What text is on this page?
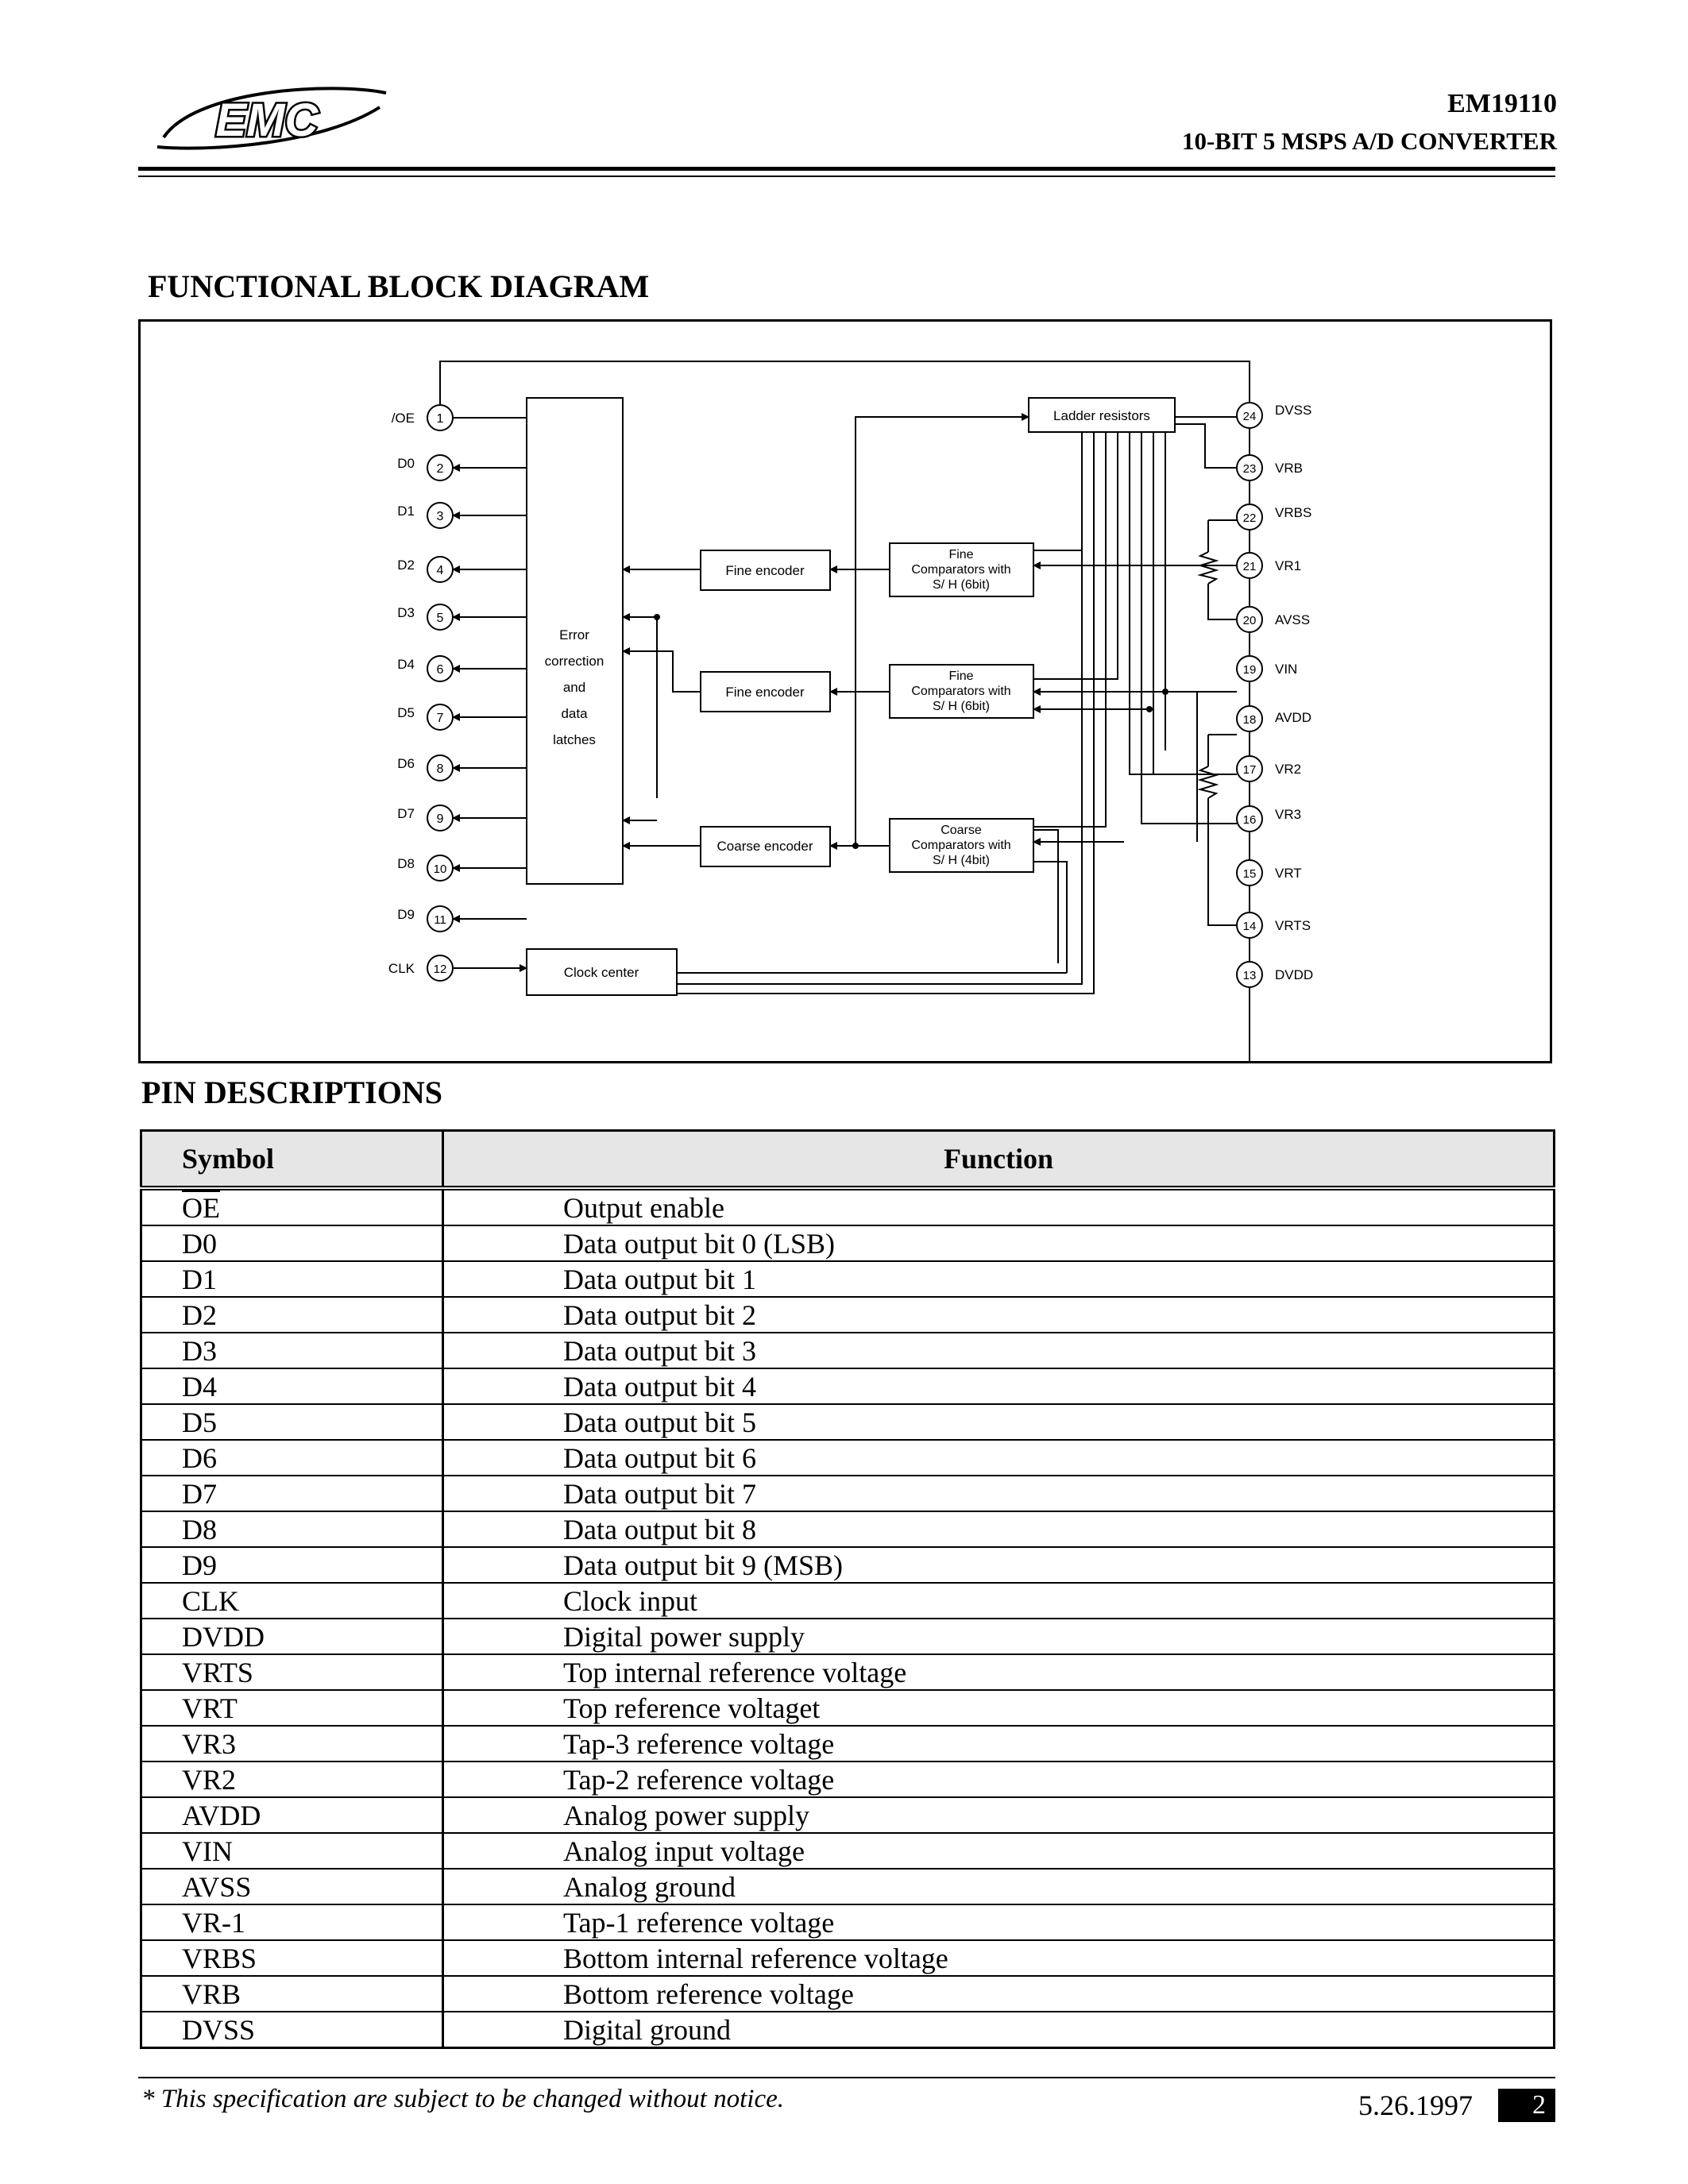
EMC	EM19110
10-BIT 5 MSPS A/D CONVERTER
FUNCTIONAL BLOCK DIAGRAM
Error
correction
and
data
latches
Clock center
Ladder resistors
Fine encoder
Fine encoder
Coarse encoder
Fine
Comparators with
S/ H (6bit)
Fine
Comparators with
S/ H (6bit)
Coarse
Comparators with
S/ H (4bit)
1
/OE
2
D0
3
D1
4
D2
5
D3
6
D4
7
D5
8
D6
9
D7
10
D8
11
D9
12
CLK
24 DVSS
23 VRB
22 VRBS
21 VR1
20 AVSS
19 VIN
18 AVDD
17 VR2
16 VR3
15 VRT
14 VRTS
13 DVDD
PIN DESCRIPTIONS
Symbol	Function
$\overline{OE}$	Output enable
D0	Data output bit 0 (LSB)
D1	Data output bit 1
D2	Data output bit 2
D3	Data output bit 3
D4	Data output bit 4
D5	Data output bit 5
D6	Data output bit 6
D7	Data output bit 7
D8	Data output bit 8
D9	Data output bit 9 (MSB)
CLK	Clock input
DVDD	Digital power supply
VRTS	Top internal reference voltage
VRT	Top reference voltaget
VR3	Tap-3 reference voltage
VR2	Tap-2 reference voltage
AVDD	Analog power supply
VIN	Analog input voltage
AVSS	Analog ground
VR-1	Tap-1 reference voltage
VRBS	Bottom internal reference voltage
VRB	Bottom reference voltage
DVSS	Digital ground
* This specification are subject to be changed without notice.	5.26.1997	2
